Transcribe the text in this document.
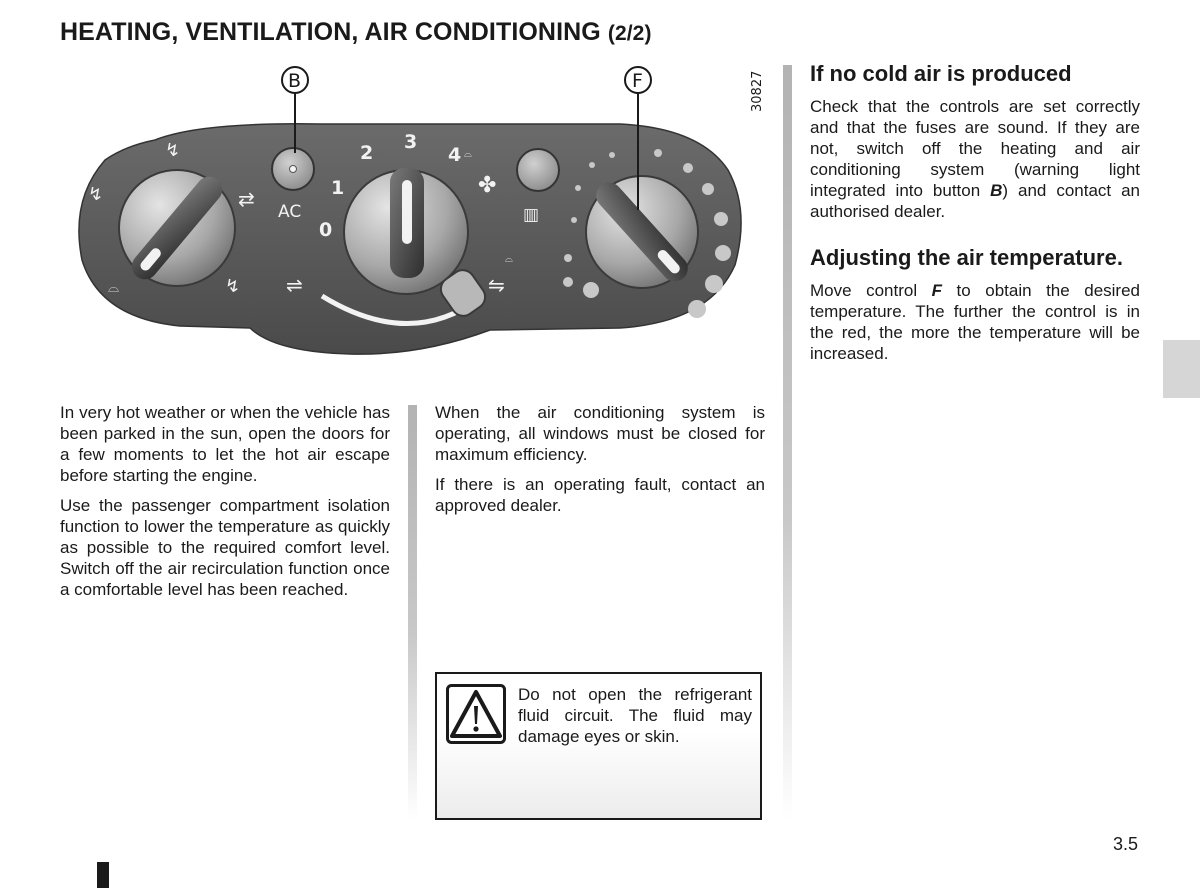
HEATING, VENTILATION, AIR CONDITIONING (2/2)
↯
↯	⇄
↯
⌓
AC
0
1
2 3
4 ⌓
✤
⇌	⇋
⌓
▥
B	F	30827

In very hot weather or when the vehicle has been parked in the sun, open the doors for a few moments to let the hot air escape before starting the engine.

Use the passenger compartment isolation function to lower the temperature as quickly as possible to the required comfort level. Switch off the air recirculation function once a comfortable level has been reached.

When the air conditioning system is operating, all windows must be closed for maximum efficiency.

If there is an operating fault, contact an approved dealer.

Do not open the refrigerant fluid circuit. The fluid may damage eyes or skin.
If no cold air is produced

Check that the controls are set correctly and that the fuses are sound. If they are not, switch off the heating and air conditioning system (warning light integrated into button B) and contact an authorised dealer.

Adjusting the air temperature.

Move control F to obtain the desired temperature. The further the control is in the red, the more the temperature will be increased.

3.5
